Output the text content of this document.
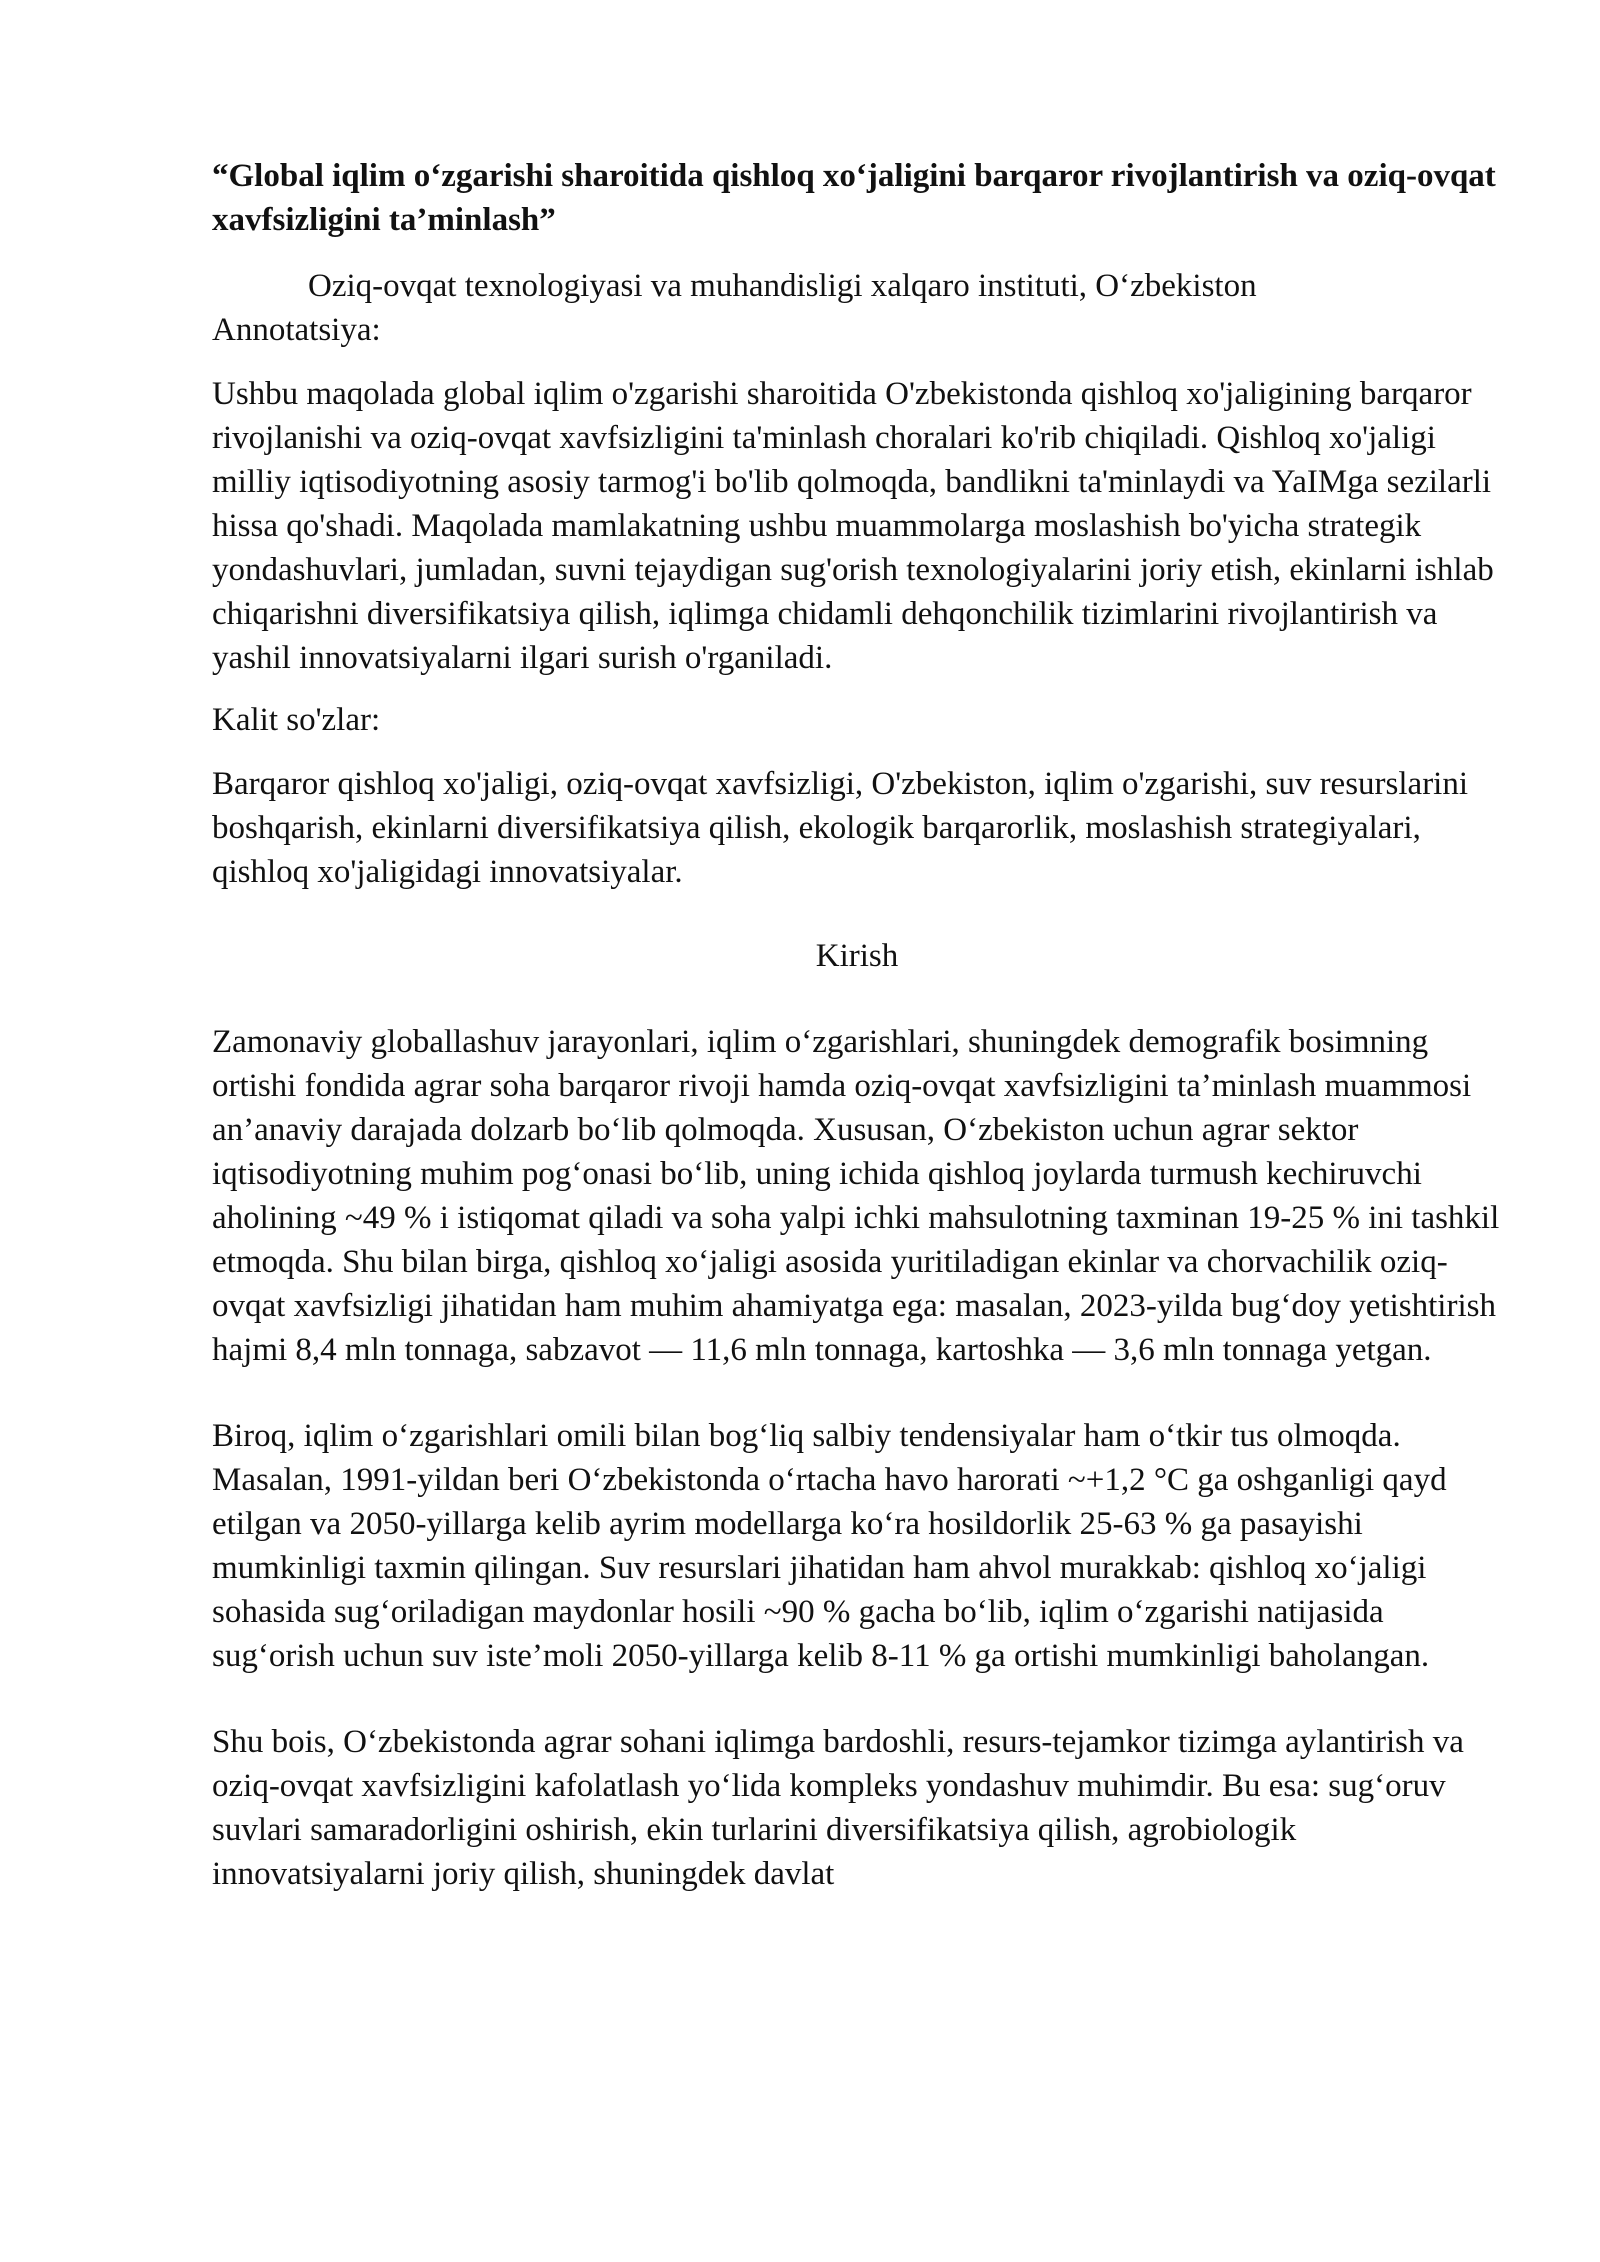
“Global iqlim oʻzgarishi sharoitida qishloq xoʻjaligini barqaror rivojlantirish va oziq-ovqat xavfsizligini ta’minlash”

Oziq-ovqat texnologiyasi va muhandisligi xalqaro instituti, Oʻzbekiston

Annotatsiya:

Ushbu maqolada global iqlim o'zgarishi sharoitida O'zbekistonda qishloq xo'jaligining barqaror rivojlanishi va oziq-ovqat xavfsizligini ta'minlash choralari ko'rib chiqiladi. Qishloq xo'jaligi milliy iqtisodiyotning asosiy tarmog'i bo'lib qolmoqda, bandlikni ta'minlaydi va YaIMga sezilarli hissa qo'shadi. Maqolada mamlakatning ushbu muammolarga moslashish bo'yicha strategik yondashuvlari, jumladan, suvni tejaydigan sug'orish texnologiyalarini joriy etish, ekinlarni ishlab chiqarishni diversifikatsiya qilish, iqlimga chidamli dehqonchilik tizimlarini rivojlantirish va yashil innovatsiyalarni ilgari surish o'rganiladi.

Kalit so'zlar:

Barqaror qishloq xo'jaligi, oziq-ovqat xavfsizligi, O'zbekiston, iqlim o'zgarishi, suv resurslarini boshqarish, ekinlarni diversifikatsiya qilish, ekologik barqarorlik, moslashish strategiyalari, qishloq xo'jaligidagi innovatsiyalar.

Kirish

Zamonaviy globallashuv jarayonlari, iqlim oʻzgarishlari, shuningdek demografik bosimning ortishi fondida agrar soha barqaror rivoji hamda oziq-ovqat xavfsizligini ta’minlash muammosi an’anaviy darajada dolzarb boʻlib qolmoqda. Xususan, Oʻzbekiston uchun agrar sektor iqtisodiyotning muhim pogʻonasi boʻlib, uning ichida qishloq joylarda turmush kechiruvchi aholining ~49 % i istiqomat qiladi va soha yalpi ichki mahsulotning taxminan 19-25 % ini tashkil etmoqda. Shu bilan birga, qishloq xoʻjaligi asosida yuritiladigan ekinlar va chorvachilik oziq-ovqat xavfsizligi jihatidan ham muhim ahamiyatga ega: masalan, 2023-yilda bugʻdoy yetishtirish hajmi 8,4 mln tonnaga, sabzavot — 11,6 mln tonnaga, kartoshka — 3,6 mln tonnaga yetgan.

Biroq, iqlim oʻzgarishlari omili bilan bogʻliq salbiy tendensiyalar ham oʻtkir tus olmoqda. Masalan, 1991-yildan beri Oʻzbekistonda oʻrtacha havo harorati ~+1,2 °C ga oshganligi qayd etilgan va 2050-yillarga kelib ayrim modellarga koʻra hosildorlik 25-63 % ga pasayishi mumkinligi taxmin qilingan. Suv resurslari jihatidan ham ahvol murakkab: qishloq xoʻjaligi sohasida sugʻoriladigan maydonlar hosili ~90 % gacha boʻlib, iqlim oʻzgarishi natijasida sugʻorish uchun suv iste’moli 2050-yillarga kelib 8-11 % ga ortishi mumkinligi baholangan.

Shu bois, Oʻzbekistonda agrar sohani iqlimga bardoshli, resurs-tejamkor tizimga aylantirish va oziq-ovqat xavfsizligini kafolatlash yoʻlida kompleks yondashuv muhimdir. Bu esa: sugʻoruv suvlari samaradorligini oshirish, ekin turlarini diversifikatsiya qilish, agrobiologik innovatsiyalarni joriy qilish, shuningdek davlat
